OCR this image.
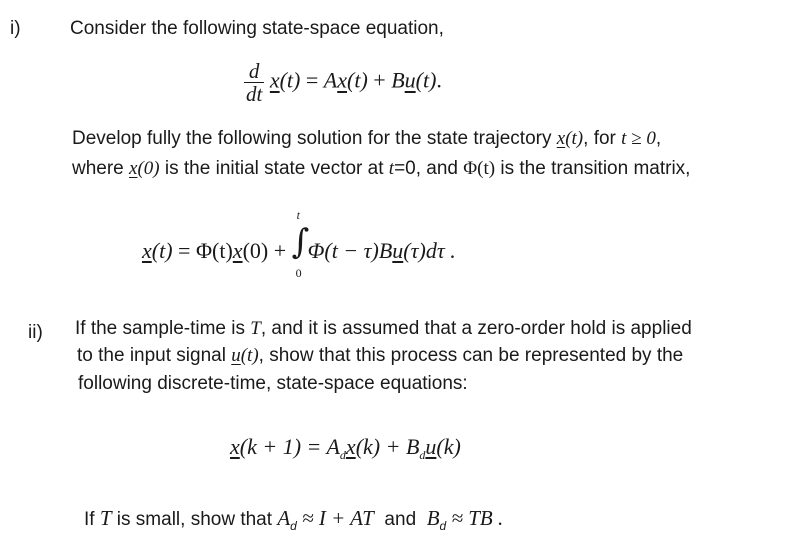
i)	Consider the following state-space equation,
$\frac{d}{dt} x(t) = Ax(t) + Bu(t)$.
Develop fully the following solution for the state trajectory x(t), for t ≥ 0,
where x(0) is the initial state vector at t=0, and Φ(t) is the transition matrix,
x(t) = Φ(t)x(0) + ∫
t
0
Φ(t − τ)Bu(τ)dτ .
ii) If the sample-time is T, and it is assumed that a zero-order hold is applied
to the input signal u(t), show that this process can be represented by the
following discrete-time, state-space equations:
$x(k + 1) = A_dx(k) + B_du(k)$
If T is small, show that $A_d \approx I$ + AT  and  $B_d$ ≈ TB .
